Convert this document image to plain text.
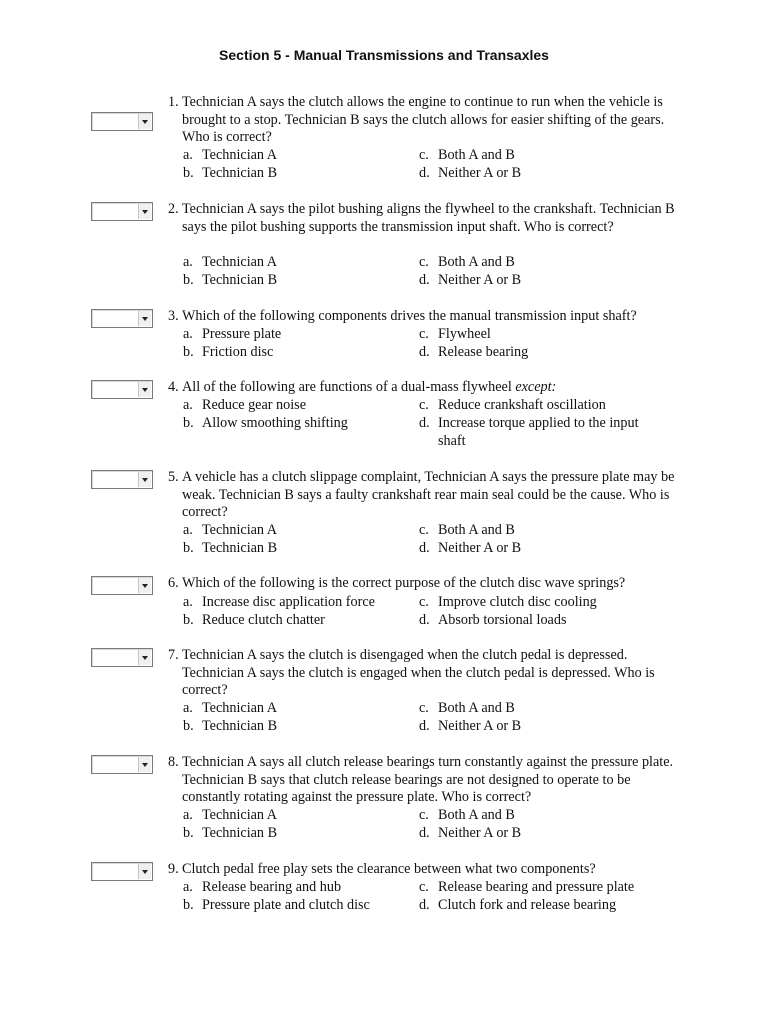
Section 5 - Manual Transmissions and Transaxles
1. Technician A says the clutch allows the engine to continue to run when the vehicle is brought to a stop. Technician B says the clutch allows for easier shifting of the gears. Who is correct?
a. Technician A
b. Technician B
c. Both A and B
d. Neither A or B
2. Technician A says the pilot bushing aligns the flywheel to the crankshaft. Technician B says the pilot bushing supports the transmission input shaft. Who is correct?
a. Technician A
b. Technician B
c. Both A and B
d. Neither A or B
3. Which of the following components drives the manual transmission input shaft?
a. Pressure plate
b. Friction disc
c. Flywheel
d. Release bearing
4. All of the following are functions of a dual-mass flywheel except:
a. Reduce gear noise
b. Allow smoothing shifting
c. Reduce crankshaft oscillation
d. Increase torque applied to the input shaft
5. A vehicle has a clutch slippage complaint, Technician A says the pressure plate may be weak. Technician B says a faulty crankshaft rear main seal could be the cause. Who is correct?
a. Technician A
b. Technician B
c. Both A and B
d. Neither A or B
6. Which of the following is the correct purpose of the clutch disc wave springs?
a. Increase disc application force
b. Reduce clutch chatter
c. Improve clutch disc cooling
d. Absorb torsional loads
7. Technician A says the clutch is disengaged when the clutch pedal is depressed. Technician A says the clutch is engaged when the clutch pedal is depressed. Who is correct?
a. Technician A
b. Technician B
c. Both A and B
d. Neither A or B
8. Technician A says all clutch release bearings turn constantly against the pressure plate. Technician B says that clutch release bearings are not designed to operate to be constantly rotating against the pressure plate. Who is correct?
a. Technician A
b. Technician B
c. Both A and B
d. Neither A or B
9. Clutch pedal free play sets the clearance between what two components?
a. Release bearing and hub
b. Pressure plate and clutch disc
c. Release bearing and pressure plate
d. Clutch fork and release bearing
